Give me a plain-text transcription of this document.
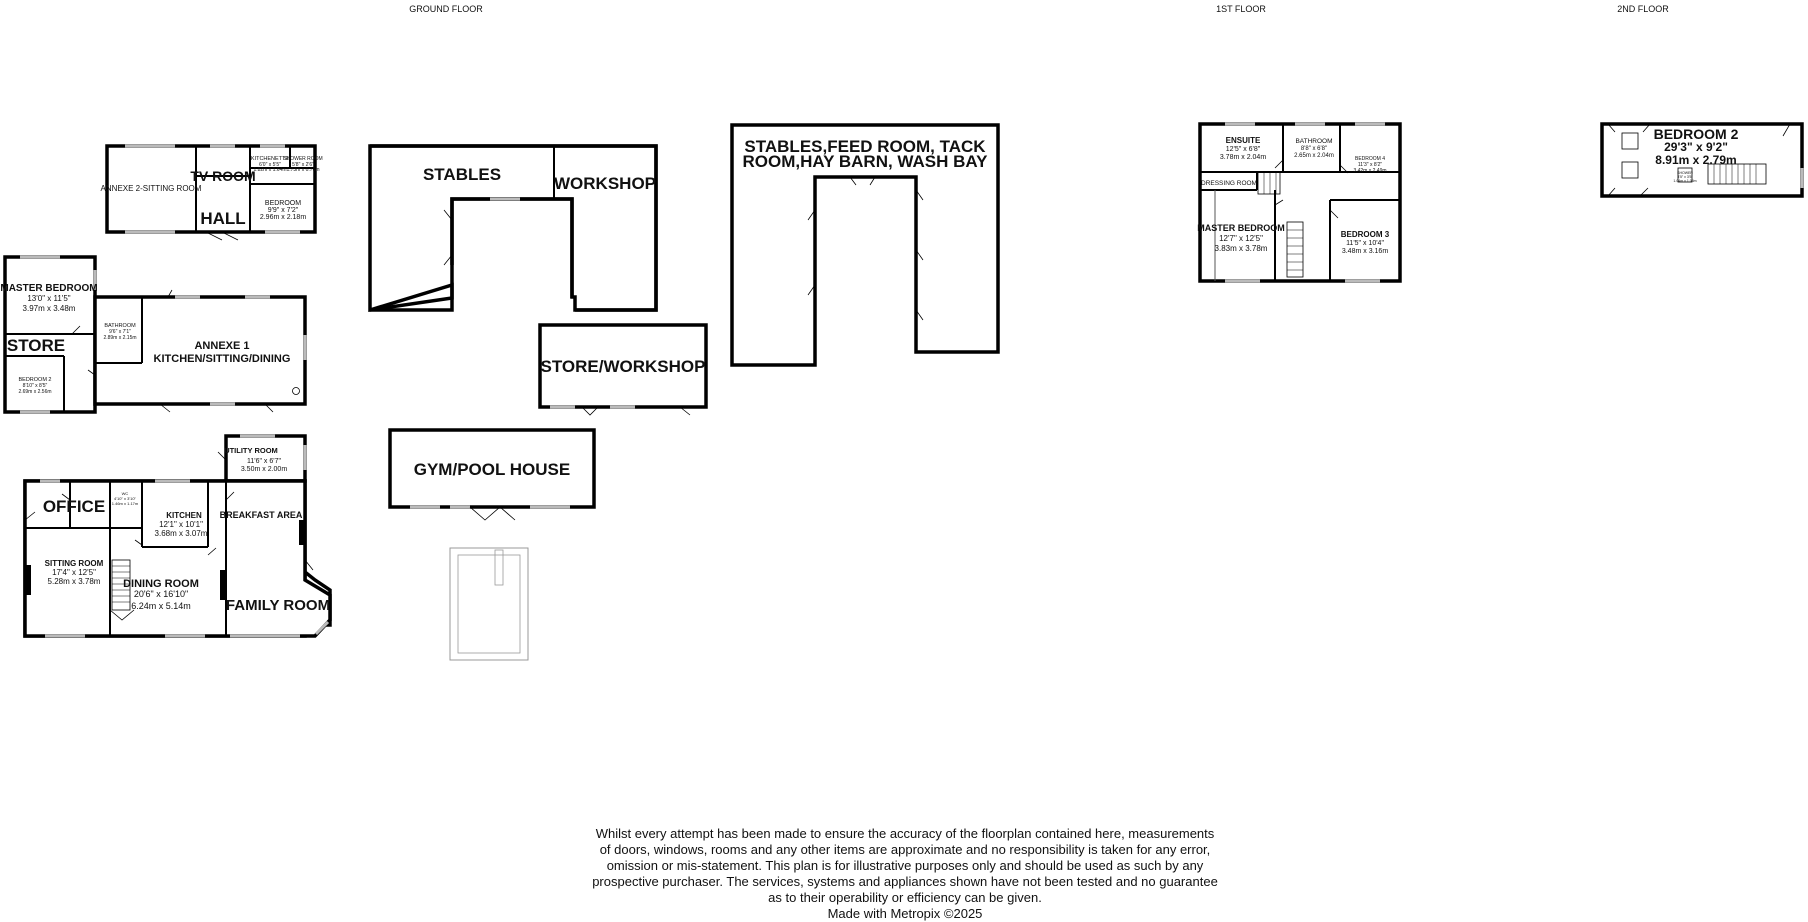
GROUND FLOOR	1ST FLOOR	2ND FLOOR
ANNEXE 2-SITTING ROOM
TV ROOM
HALL
KITCHENETTE
6'0" x 5'5"
1.82m x 1.64m
SHOWER ROOM
5'8" x 2'6"
1.73m x 0.76m
BEDROOM
9'9" x 7'2"
2.96m x 2.18m
STABLES	WORKSHOP
STABLES,FEED ROOM, TACK
ROOM,HAY BARN, WASH BAY
STORE/WORKSHOP
GYM/POOL HOUSE
MASTER BEDROOM
13'0" x 11'5"
3.97m x 3.48m
STORE
BATHROOM
9'6" x 7'1"
2.89m x 2.15m
BEDROOM 2
8'10" x 8'5"
2.69m x 2.56m
ANNEXE 1
KITCHEN/SITTING/DINING
UTILITY ROOM
11'6" x 6'7"
3.50m x 2.00m
OFFICE
WC
4'10" x 3'10"
1.46m x 1.17m
KITCHEN
12'1" x 10'1"
3.68m x 3.07m
BREAKFAST AREA
SITTING ROOM
17'4" x 12'5"
5.28m x 3.78m DINING ROOM
20'6" x 16'10"
6.24m x 5.14m FAMILY ROOM
ENSUITE
12'5" x 6'8"
3.78m x 2.04m
BATHROOM
8'8" x 6'8"
2.65m x 2.04m	BEDROOM 4
11'3" x 8'2"
3.42m x 2.49m
DRESSING ROOM
MASTER BEDROOM
12'7" x 12'5"
3.83m x 3.78m
BEDROOM 3
11'5" x 10'4"
3.48m x 3.16m
BEDROOM 2
29'3" x 9'2"
8.91m x 2.79m
SHOWER
3'5" x 3'5"
1.04m x 1.04m
Whilst every attempt has been made to ensure the accuracy of the floorplan contained here, measurements
of doors, windows, rooms and any other items are approximate and no responsibility is taken for any error,
omission or mis-statement. This plan is for illustrative purposes only and should be used as such by any
prospective purchaser. The services, systems and appliances shown have not been tested and no guarantee
as to their operability or efficiency can be given.
Made with Metropix ©2025
